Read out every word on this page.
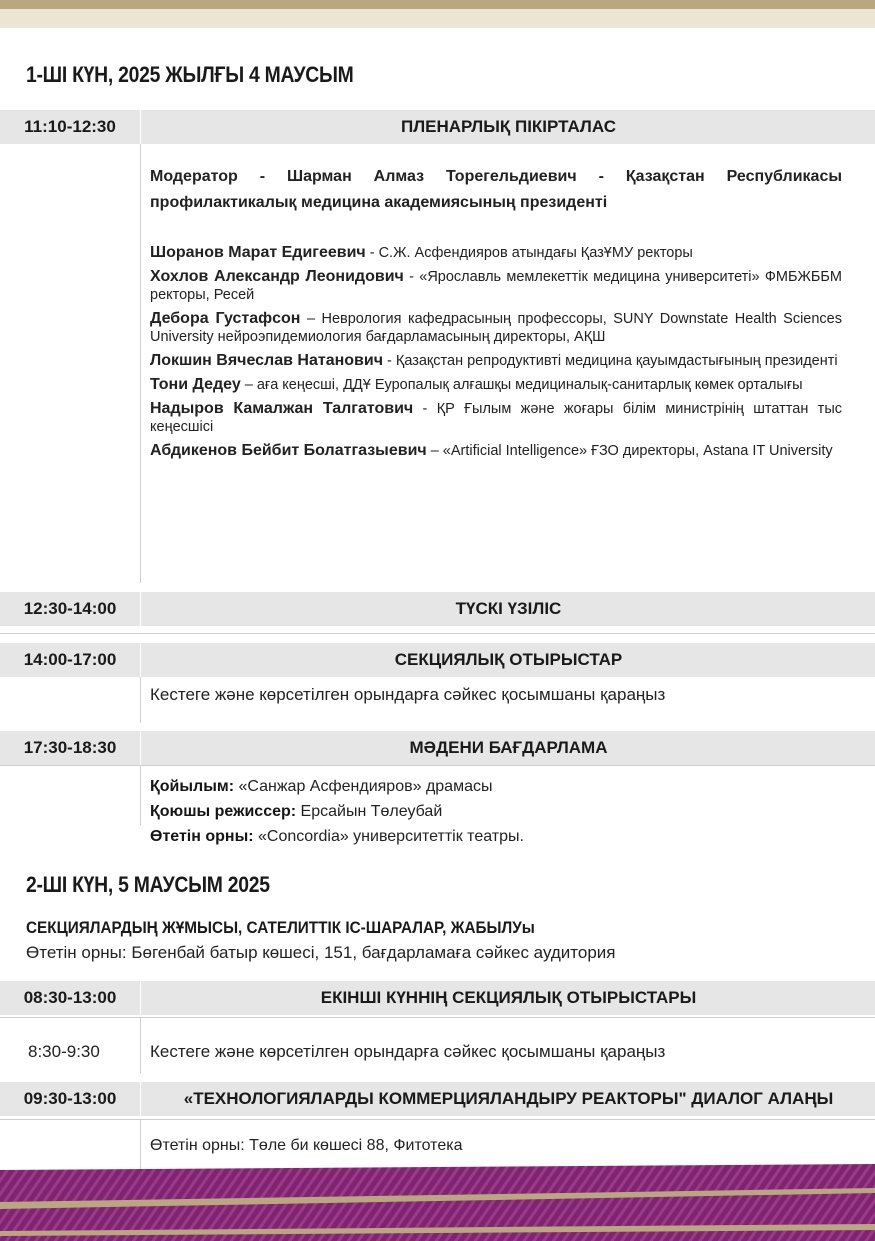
1-ШІ КҮН, 2025 ЖЫЛҒЫ 4 МАУСЫМ
11:10-12:30	ПЛЕНАРЛЫҚ ПІКІРТАЛАС
Модератор - Шарман Алмаз Торегельдиевич - Қазақстан Республикасы профилактикалық медицина академиясының президенті
Шоранов Марат Едигеевич - С.Ж. Асфендияров атындағы ҚазҰМУ ректоры
Хохлов Александр Леонидович - «Ярославль мемлекеттік медицина университеті» ФМБЖББМ ректоры, Ресей
Дебора Густафсон – Неврология кафедрасының профессоры, SUNY Downstate Health Sciences University нейроэпидемиология бағдарламасының директоры, АҚШ
Локшин Вячеслав Натанович - Қазақстан репродуктивті медицина қауымдастығының президенті
Тони Дедеу – аға кеңесші, ДДҰ Еуропалық алғашқы медициналық-санитарлық көмек орталығы
Надыров Камалжан Талгатович - ҚР Ғылым және жоғары білім министрінің штаттан тыс кеңесшісі
Абдикенов Бейбит Болатгазыевич – «Artificial Intelligence» ҒЗО директоры, Astana IT University
12:30-14:00	ТҮСКІ ҮЗІЛІС
14:00-17:00	СЕКЦИЯЛЫҚ ОТЫРЫСТАР
Кестеге және көрсетілген орындарға сәйкес қосымшаны қараңыз
17:30-18:30	МӘДЕНИ БАҒДАРЛАМА
Қойылым: «Санжар Асфендияров» драмасы
Қоюшы режиссер: Ерсайын Төлеубай
Өтетін орны: «Concordia» университеттік театры.
2-ШІ КҮН, 5 МАУСЫМ 2025
СЕКЦИЯЛАРДЫҢ ЖҰМЫСЫ, САТЕЛИТТІК ІС-ШАРАЛАР, ЖАБЫЛУы
Өтетін орны: Бөгенбай батыр көшесі, 151, бағдарламаға сәйкес аудитория
08:30-13:00	ЕКІНШІ КҮННІҢ СЕКЦИЯЛЫҚ ОТЫРЫСТАРЫ
8:30-9:30	Кестеге және көрсетілген орындарға сәйкес қосымшаны қараңыз
09:30-13:00	«ТЕХНОЛОГИЯЛАРДЫ КОММЕРЦИЯЛАНДЫРУ РЕАКТОРЫ" ДИАЛОГ АЛАҢЫ
Өтетін орны: Төле би көшесі 88, Фитотека
